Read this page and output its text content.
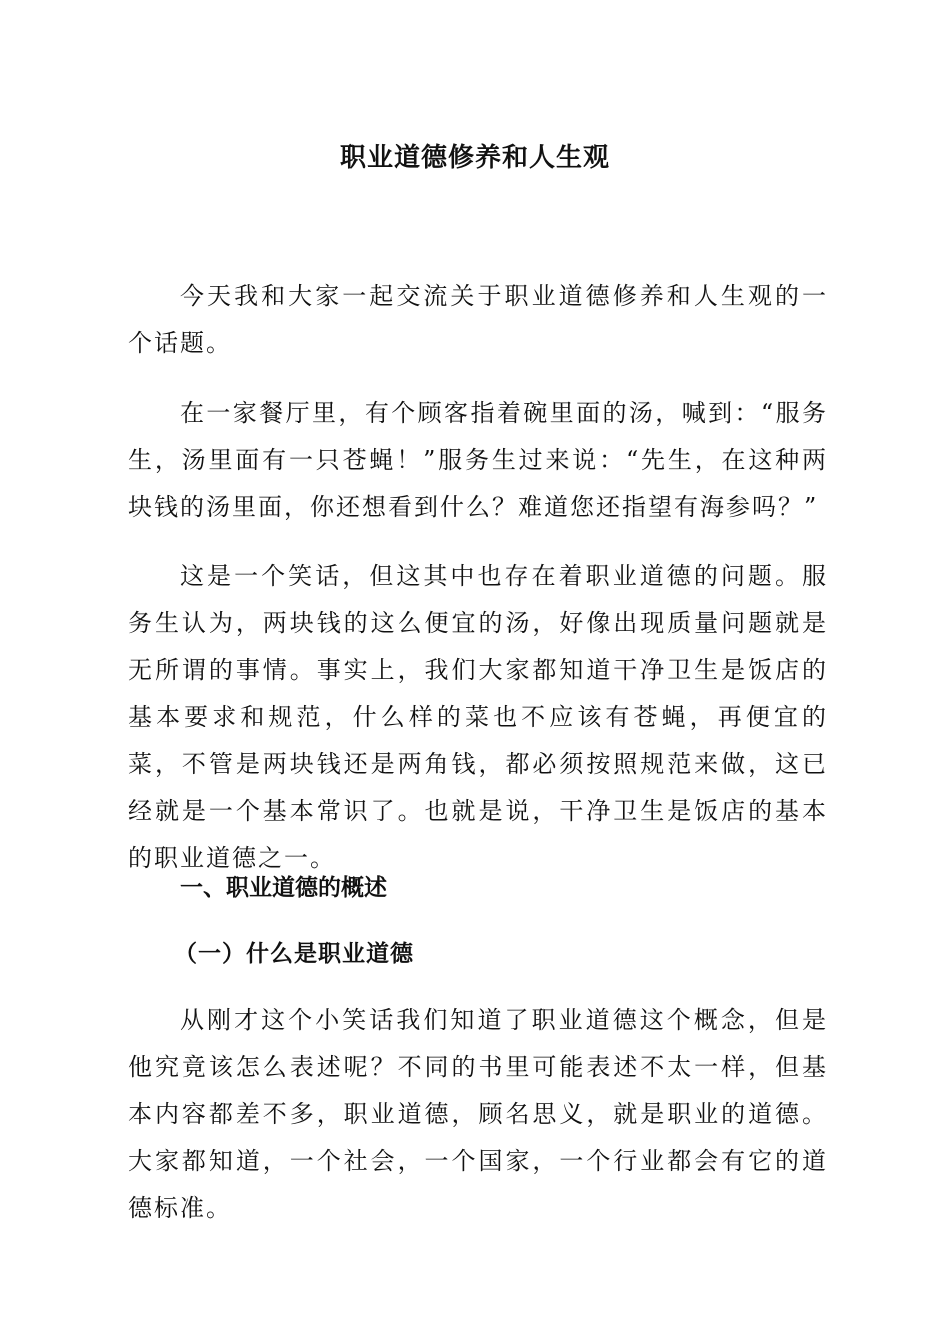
职业道德修养和人生观

今天我和大家一起交流关于职业道德修养和人生观的一个话题。

在一家餐厅里，有个顾客指着碗里面的汤，喊到：“服务生，汤里面有一只苍蝇！”服务生过来说：“先生，在这种两块钱的汤里面，你还想看到什么？难道您还指望有海参吗？”

这是一个笑话，但这其中也存在着职业道德的问题。服务生认为，两块钱的这么便宜的汤，好像出现质量问题就是无所谓的事情。事实上，我们大家都知道干净卫生是饭店的基本要求和规范，什么样的菜也不应该有苍蝇，再便宜的菜，不管是两块钱还是两角钱，都必须按照规范来做，这已经就是一个基本常识了。也就是说，干净卫生是饭店的基本的职业道德之一。

一、职业道德的概述
（一）什么是职业道德

从刚才这个小笑话我们知道了职业道德这个概念，但是他究竟该怎么表述呢？不同的书里可能表述不太一样，但基本内容都差不多，职业道德，顾名思义，就是职业的道德。大家都知道，一个社会，一个国家，一个行业都会有它的道德标准。
